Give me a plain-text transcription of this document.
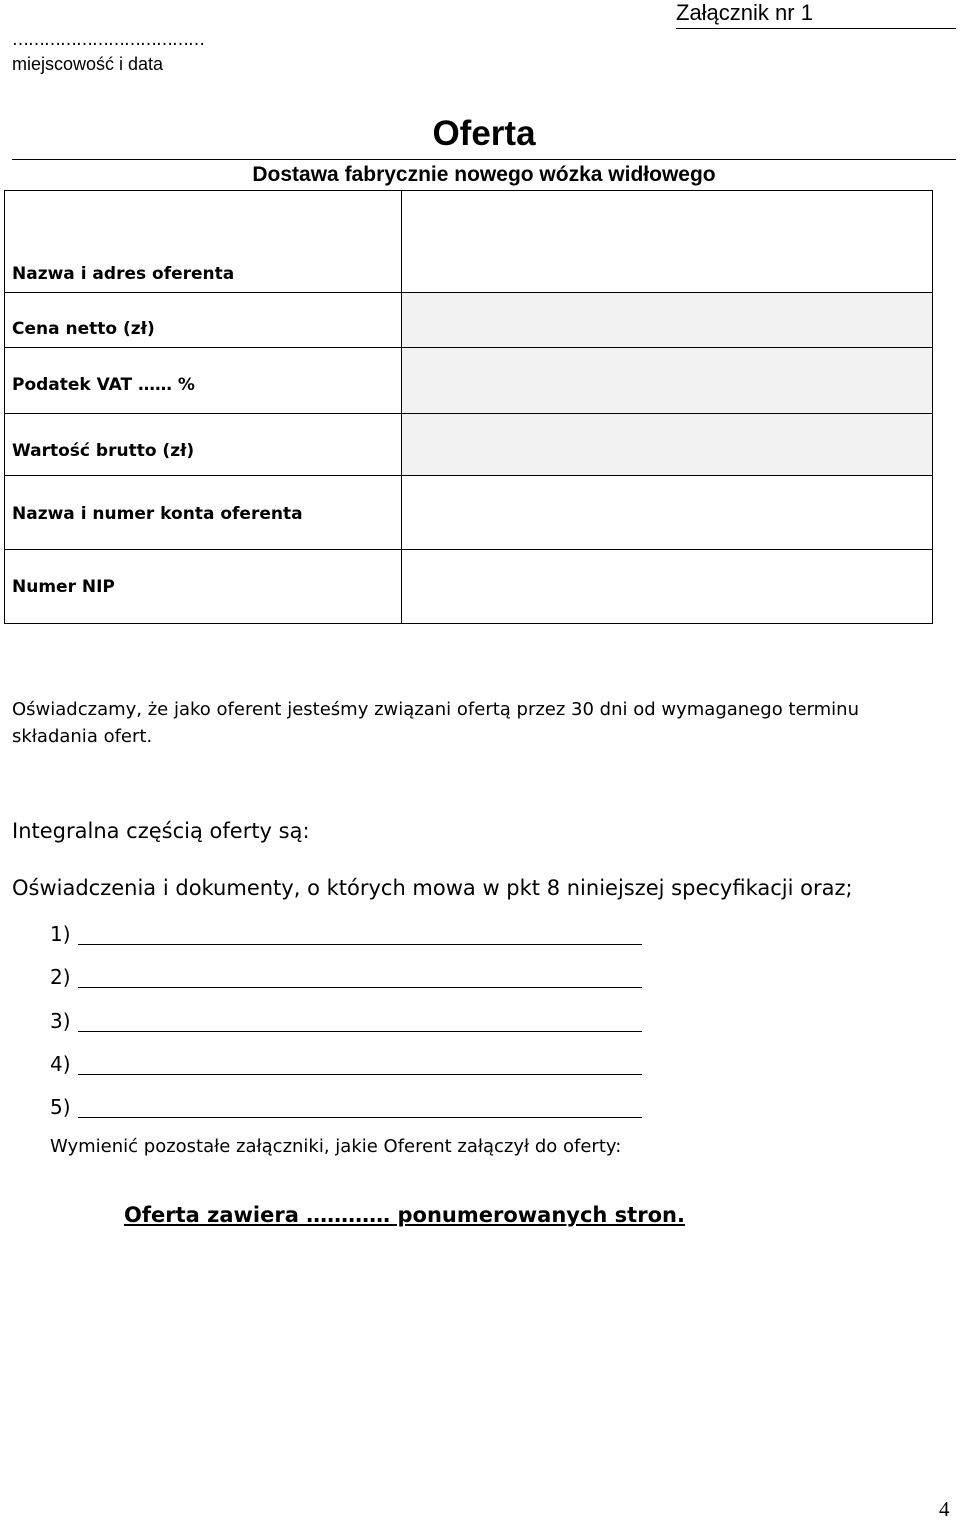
………………………………
miejscowość i data
Załącznik nr 1
Oferta
Dostawa fabrycznie nowego wózka widłowego
Nazwa i adres oferenta	
Cena netto (zł)	
Podatek VAT …… %	
Wartość brutto (zł)	
Nazwa i numer konta oferenta	
Numer NIP	
Oświadczamy, że jako oferent jesteśmy związani ofertą przez 30 dni od wymaganego terminu składania ofert.
Integralna częścią oferty są:
Oświadczenia i dokumenty, o których mowa w pkt 8 niniejszej specyfikacji oraz;
1)
2)
3)
4)
5)
Wymienić pozostałe załączniki, jakie Oferent załączył do oferty:
Oferta zawiera ………… ponumerowanych stron.
4
